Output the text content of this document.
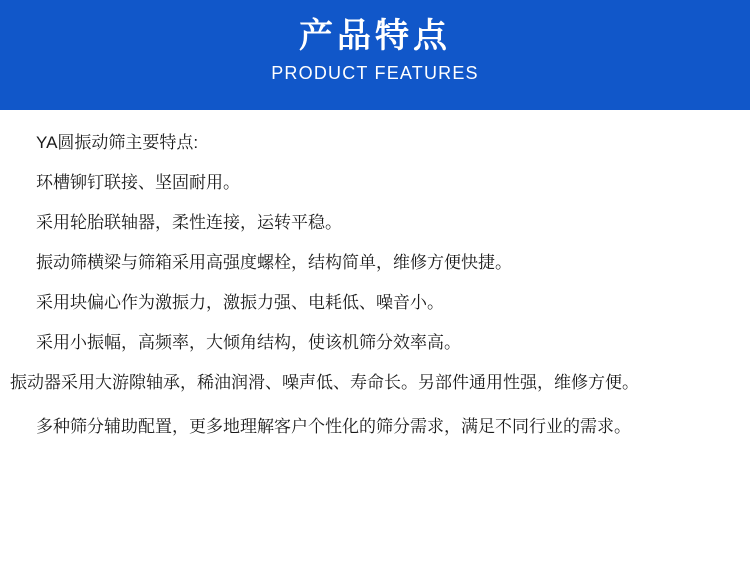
产品特点
PRODUCT FEATURES

YA圆振动筛主要特点:

环槽铆钉联接、坚固耐用。

采用轮胎联轴器，柔性连接，运转平稳。

振动筛横梁与筛箱采用高强度螺栓，结构简单，维修方便快捷。

采用块偏心作为激振力，激振力强、电耗低、噪音小。

采用小振幅，高频率，大倾角结构，使该机筛分效率高。

振动器采用大游隙轴承，稀油润滑、噪声低、寿命长。另部件通用性强，维修方便。

多种筛分辅助配置，更多地理解客户个性化的筛分需求，满足不同行业的需求。
